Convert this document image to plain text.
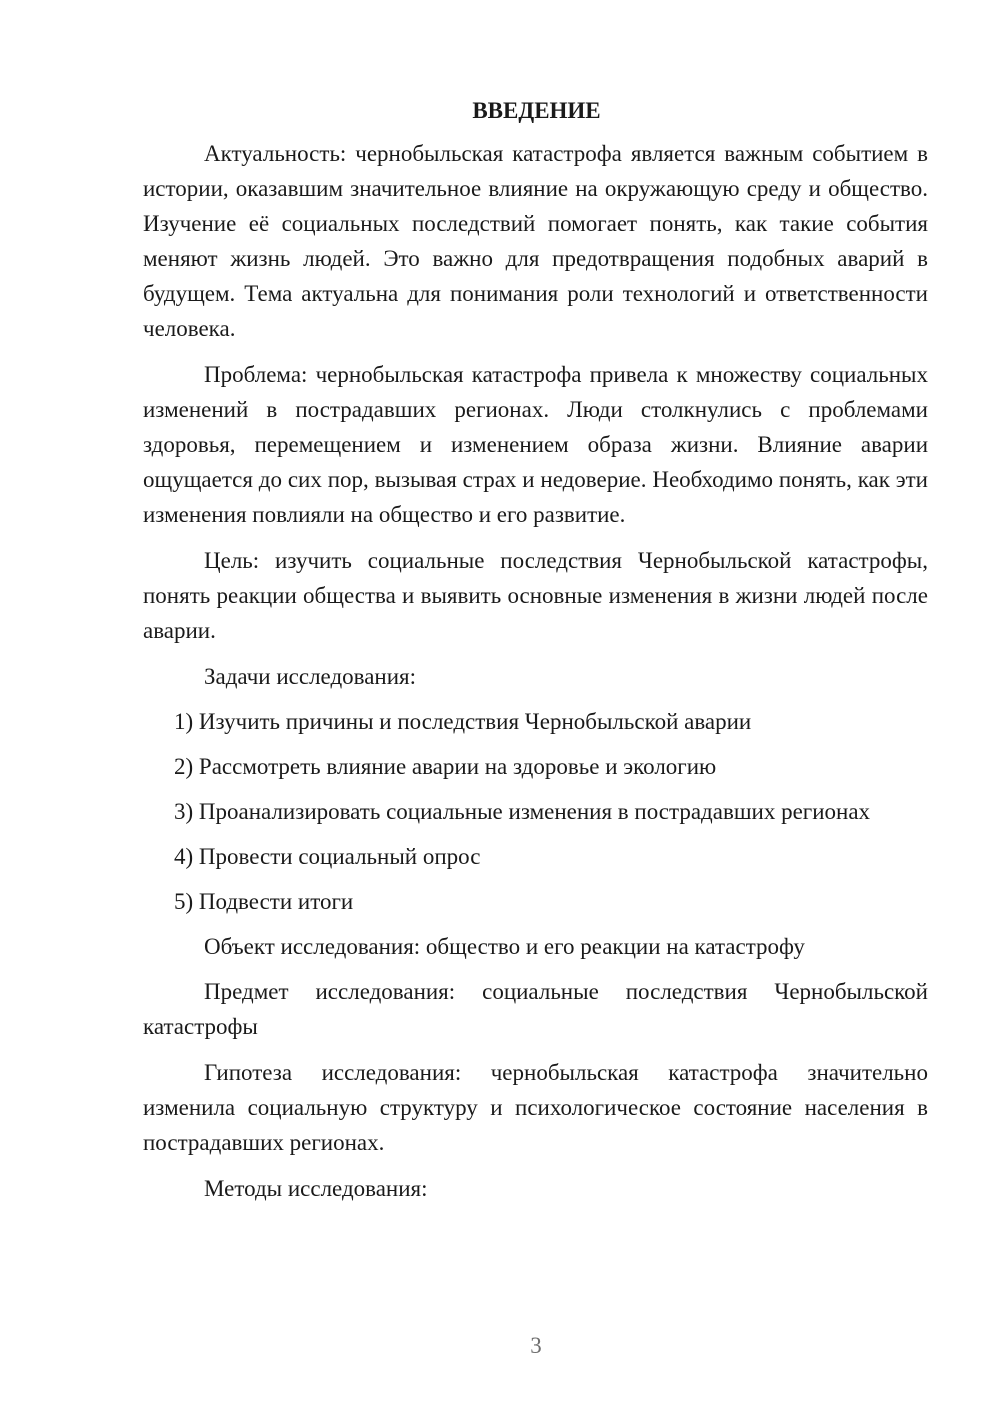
ВВЕДЕНИЕ

Актуальность: чернобыльская катастрофа является важным событием в истории, оказавшим значительное влияние на окружающую среду и общество. Изучение её социальных последствий помогает понять, как такие события меняют жизнь людей. Это важно для предотвращения подобных аварий в будущем. Тема актуальна для понимания роли технологий и ответственности человека.

Проблема: чернобыльская катастрофа привела к множеству социальных изменений в пострадавших регионах. Люди столкнулись с проблемами здоровья, перемещением и изменением образа жизни. Влияние аварии ощущается до сих пор, вызывая страх и недоверие. Необходимо понять, как эти изменения повлияли на общество и его развитие.

Цель: изучить социальные последствия Чернобыльской катастрофы, понять реакции общества и выявить основные изменения в жизни людей после аварии.

Задачи исследования:

1) Изучить причины и последствия Чернобыльской аварии

2) Рассмотреть влияние аварии на здоровье и экологию

3) Проанализировать социальные изменения в пострадавших регионах

4) Провести социальный опрос

5) Подвести итоги

Объект исследования: общество и его реакции на катастрофу

Предмет исследования: социальные последствия Чернобыльской катастрофы

Гипотеза исследования: чернобыльская катастрофа значительно изменила социальную структуру и психологическое состояние населения в пострадавших регионах.

Методы исследования:

3
